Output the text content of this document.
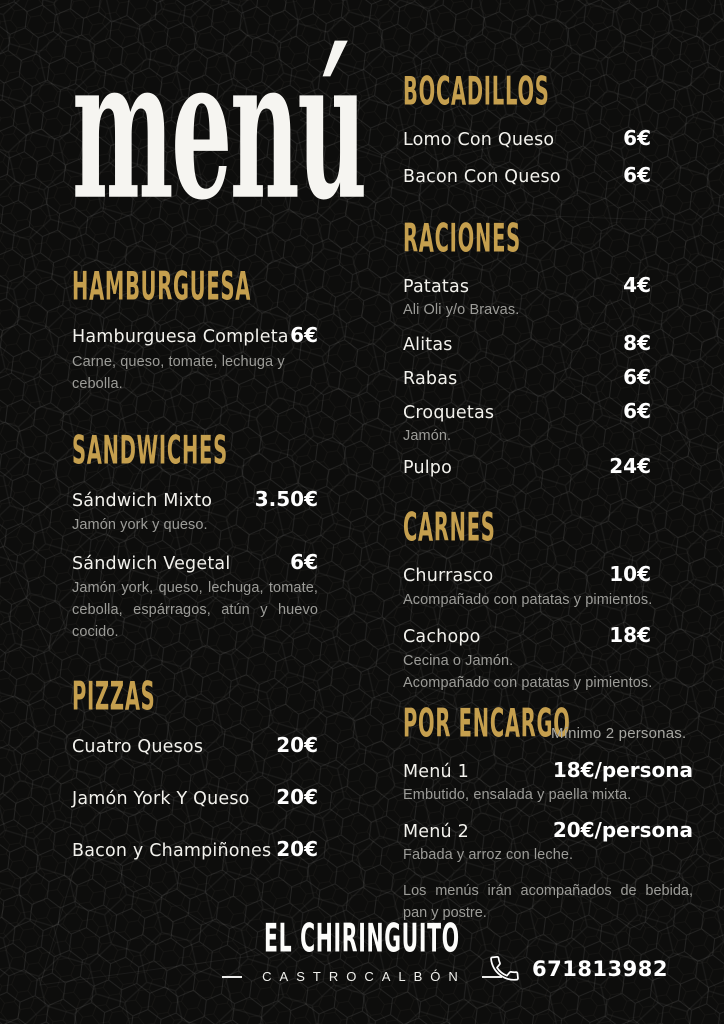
menú
HAMBURGUESA
Hamburguesa Completa 6€

Carne, queso, tomate, lechuga y cebolla.

SANDWICHES
Sándwich Mixto 3.50€

Jamón york y queso.

Sándwich Vegetal	6€

Jamón york, queso, lechuga, tomate, cebolla, espárragos, atún y huevo cocido.

PIZZAS
Cuatro Quesos	20€
Jamón York Y Queso 20€
Bacon y Champiñones 20€
BOCADILLOS
Lomo Con Queso	6€
Bacon Con Queso	6€
RACIONES
Patatas	4€

Ali Oli y/o Bravas.

Alitas	8€
Rabas	6€
Croquetas	6€

Jamón.

Pulpo	24€
CARNES
Churrasco	10€

Acompañado con patatas y pimientos.

Cachopo	18€

Cecina o Jamón.

Acompañado con patatas y pimientos.

POR ENCARGO
Mínimo 2 personas.
Menú 1	18€/persona

Embutido, ensalada y paella mixta.

Menú 2	20€/persona

Fabada y arroz con leche.

Los menús irán acompañados de bebida, pan y postre.

EL CHIRINGUITO
CASTROCALBÓN	671813982
